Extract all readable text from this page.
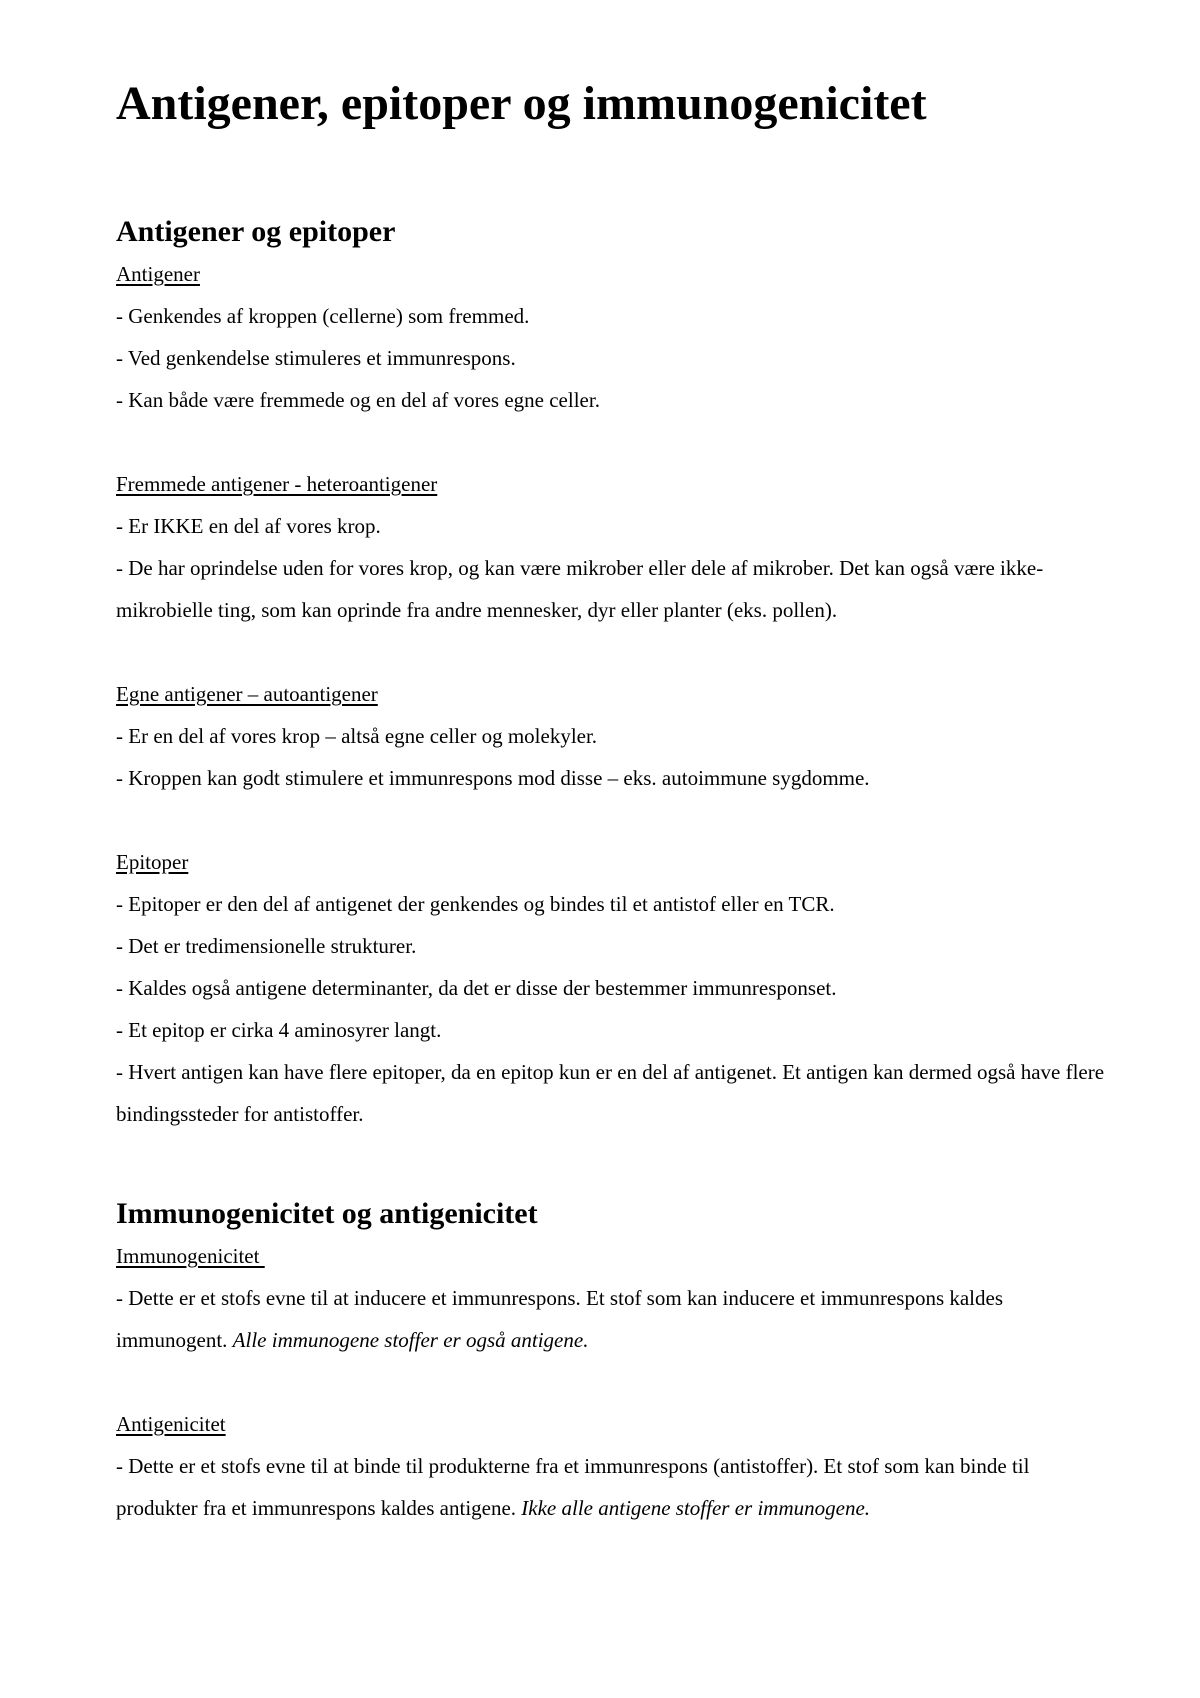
Antigener, epitoper og immunogenicitet
Antigener og epitoper
Antigener

- Genkendes af kroppen (cellerne) som fremmed.

- Ved genkendelse stimuleres et immunrespons.

- Kan både være fremmede og en del af vores egne celler.

Fremmede antigener - heteroantigener

- Er IKKE en del af vores krop.

- De har oprindelse uden for vores krop, og kan være mikrober eller dele af mikrober. Det kan også være ikke-mikrobielle ting, som kan oprinde fra andre mennesker, dyr eller planter (eks. pollen).

Egne antigener – autoantigener

- Er en del af vores krop – altså egne celler og molekyler.

- Kroppen kan godt stimulere et immunrespons mod disse – eks. autoimmune sygdomme.

Epitoper

- Epitoper er den del af antigenet der genkendes og bindes til et antistof eller en TCR.

- Det er tredimensionelle strukturer.

- Kaldes også antigene determinanter, da det er disse der bestemmer immunresponset.

- Et epitop er cirka 4 aminosyrer langt.

- Hvert antigen kan have flere epitoper, da en epitop kun er en del af antigenet. Et antigen kan dermed også have flere bindingssteder for antistoffer.

Immunogenicitet og antigenicitet
Immunogenicitet

- Dette er et stofs evne til at inducere et immunrespons. Et stof som kan inducere et immunrespons kaldes immunogent. Alle immunogene stoffer er også antigene.

Antigenicitet

- Dette er et stofs evne til at binde til produkterne fra et immunrespons (antistoffer). Et stof som kan binde til produkter fra et immunrespons kaldes antigene. Ikke alle antigene stoffer er immunogene.
